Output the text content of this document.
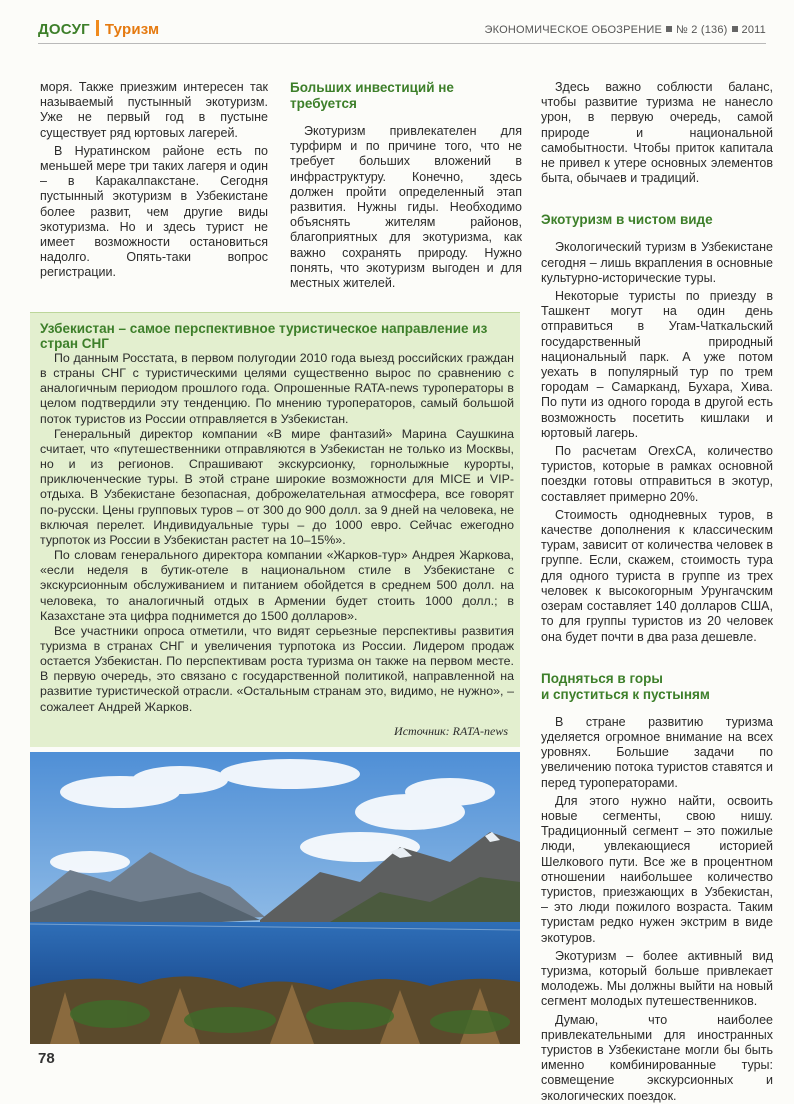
ДОСУГ Туризм	ЭКОНОМИЧЕСКОЕ ОБОЗРЕНИЕ № 2 (136) 2011

моря. Также приезжим интересен так называемый пустынный экотуризм. Уже не первый год в пустыне существует ряд юртовых лагерей.

В Нуратинском районе есть по меньшей мере три таких лагеря и один – в Каракалпакстане. Сегодня пустынный экотуризм в Узбекистане более развит, чем другие виды экотуризма. Но и здесь турист не имеет возможности остановиться надолго. Опять-таки вопрос регистрации.

Больших инвестиций не требуется

Экотуризм привлекателен для турфирм и по причине того, что не требует больших вложений в инфраструктуру. Конечно, здесь должен пройти определенный этап развития. Нужны гиды. Необходимо объяснять жителям районов, благоприятных для экотуризма, как важно сохранять природу. Нужно понять, что экотуризм выгоден и для местных жителей.

Здесь важно соблюсти баланс, чтобы развитие туризма не нанесло урон, в первую очередь, самой природе и национальной самобытности. Чтобы приток капитала не привел к утере основных элементов быта, обычаев и традиций.

Экотуризм в чистом виде

Экологический туризм в Узбекистане сегодня – лишь вкрапления в основные культурно-исторические туры.

Некоторые туристы по приезду в Ташкент могут на один день отправиться в Угам-Чаткальский государственный природный национальный парк. А уже потом уехать в популярный тур по трем городам – Самарканд, Бухара, Хива. По пути из одного города в другой есть возможность посетить кишлаки и юртовый лагерь.

По расчетам OrexCA, количество туристов, которые в рамках основной поездки готовы отправиться в экотур, составляет примерно 20%.

Стоимость однодневных туров, в качестве дополнения к классическим турам, зависит от количества человек в группе. Если, скажем, стоимость тура для одного туриста в группе из трех человек к высокогорным Урунгачским озерам составляет 140 долларов США, то для группы туристов из 20 человек она будет почти в два раза дешевле.

Подняться в горы
и спуститься к пустыням

В стране развитию туризма уделяется огромное внимание на всех уровнях. Большие задачи по увеличению потока туристов ставятся и перед туроператорами.

Для этого нужно найти, освоить новые сегменты, свою нишу. Традиционный сегмент – это пожилые люди, увлекающиеся историей Шелкового пути. Все же в процентном отношении наибольшее количество туристов, приезжающих в Узбекистан, – это люди пожилого возраста. Таким туристам редко нужен экстрим в виде экотуров.

Экотуризм – более активный вид туризма, который больше привлекает молодежь. Мы должны выйти на новый сегмент молодых путешественников.

Думаю, что наиболее привлекательными для иностранных туристов в Узбекистане могли бы быть именно комбинированные туры: совмещение экскурсионных и экологических поездок.

Узбекистан – самое перспективное туристическое направление из стран СНГ

По данным Росстата, в первом полугодии 2010 года выезд российских граждан в страны СНГ с туристическими целями существенно вырос по сравнению с аналогичным периодом прошлого года. Опрошенные RATA-news туроператоры в целом подтвердили эту тенденцию. По мнению туроператоров, самый большой поток туристов из России отправляется в Узбекистан.

Генеральный директор компании «В мире фантазий» Марина Саушкина считает, что «путешественники отправляются в Узбекистан не только из Москвы, но и из регионов. Спрашивают экскурсионку, горнолыжные курорты, приключенческие туры. В этой стране широкие возможности для MICE и VIP-отдыха. В Узбекистане безопасная, доброжелательная атмосфера, все говорят по-русски. Цены групповых туров – от 300 до 900 долл. за 9 дней на человека, не включая перелет. Индивидуальные туры – до 1000 евро. Сейчас ежегодно турпоток из России в Узбекистан растет на 10–15%».

По словам генерального директора компании «Жарков-тур» Андрея Жаркова, «если неделя в бутик-отеле в национальном стиле в Узбекистане с экскурсионным обслуживанием и питанием обойдется в среднем 500 долл. на человека, то аналогичный отдых в Армении будет стоить 1000 долл.; в Казахстане эта цифра поднимется до 1500 долларов».

Все участники опроса отметили, что видят серьезные перспективы развития туризма в странах СНГ и увеличения турпотока из России. Лидером продаж остается Узбекистан. По перспективам роста туризма он также на первом месте. В первую очередь, это связано с государственной политикой, направленной на развитие туристической отрасли. «Остальным странам это, видимо, не нужно», – сожалеет Андрей Жарков.

Источник: RATA-news
78
